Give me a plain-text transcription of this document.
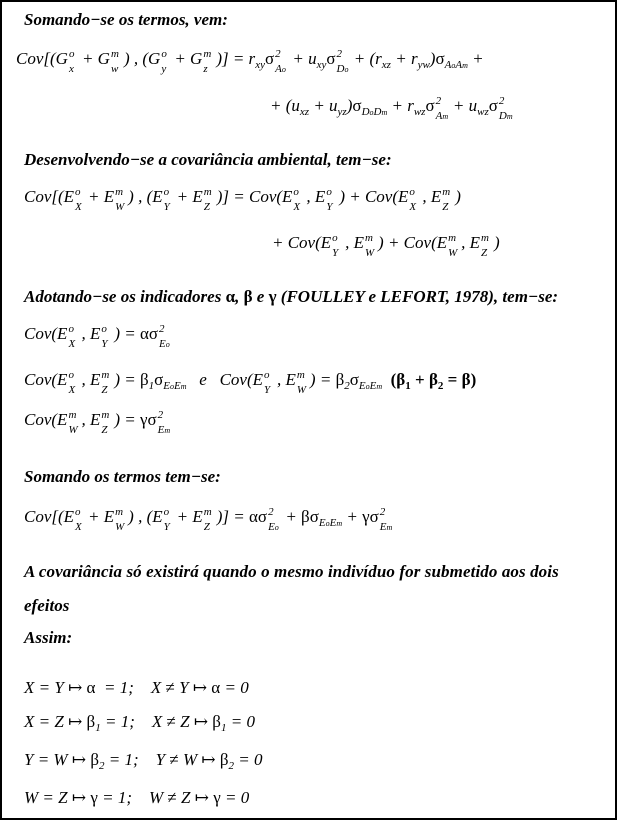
Somando−se os termos, vem:
Cov[(G o
x
+ G m
w
) , (G o
y
+ G m
z
)] = $r_{xy}\sigma$ 2
Ao
+ $u_{xy}\sigma$ 2
Do
+ $(r_{xz} + r_{yw})\sigma_{AoAm}$ +
+ $(u_{xz} + u_{yz})\sigma_{DoDm} + r_{wz}\sigma$ 2
Am
+ $u_{wz}\sigma$ 2
Dm
Desenvolvendo−se a covariância ambiental, tem−se:
Cov[(E o
X
+ E m
W
) , (E o
Y
+ E m
Z
)] = Cov(E o
X
, E o
Y
) + Cov(E o
X
, E m
Z
)
+ Cov(E o
Y
, E m
W
) + Cov(E m
W
, E m
Z
)
Adotando−se os indicadores α, β e γ (FOULLEY e LEFORT, 1978), tem−se:
Cov(E o
X
, E o
Y
) = ασ 2
Eo
Cov(E o
X
, E m
Z
) = $\beta_1\sigma_{EoEm}$   e   Cov(E o
Y
, E m
W
) = $\beta_2\sigma_{EoEm}$ $(\beta_1 + \beta_2 = \beta)$
Cov(E m
W
, E m
Z
) = γσ 2
Em
Somando os termos tem−se:
Cov[(E o
X
+ E m
W
) , (E o
Y
+ E m
Z
)] = ασ 2
Eo
+ $\beta\sigma_{EoEm} + \gamma\sigma$ 2
Em
A covariância só existirá quando o mesmo indivíduo for submetido aos dois
efeitos
Assim:
X = Y ↦ α  = 1;    X ≠ Y ↦ α = 0
X = Z ↦ $\beta_1 = 1$;    X ≠ Z ↦ $\beta_1 = 0$
Y = W ↦ $\beta_2 = 1$;    Y ≠ W ↦ $\beta_2 = 0$
W = Z ↦ γ = 1;    W ≠ Z ↦ γ = 0
